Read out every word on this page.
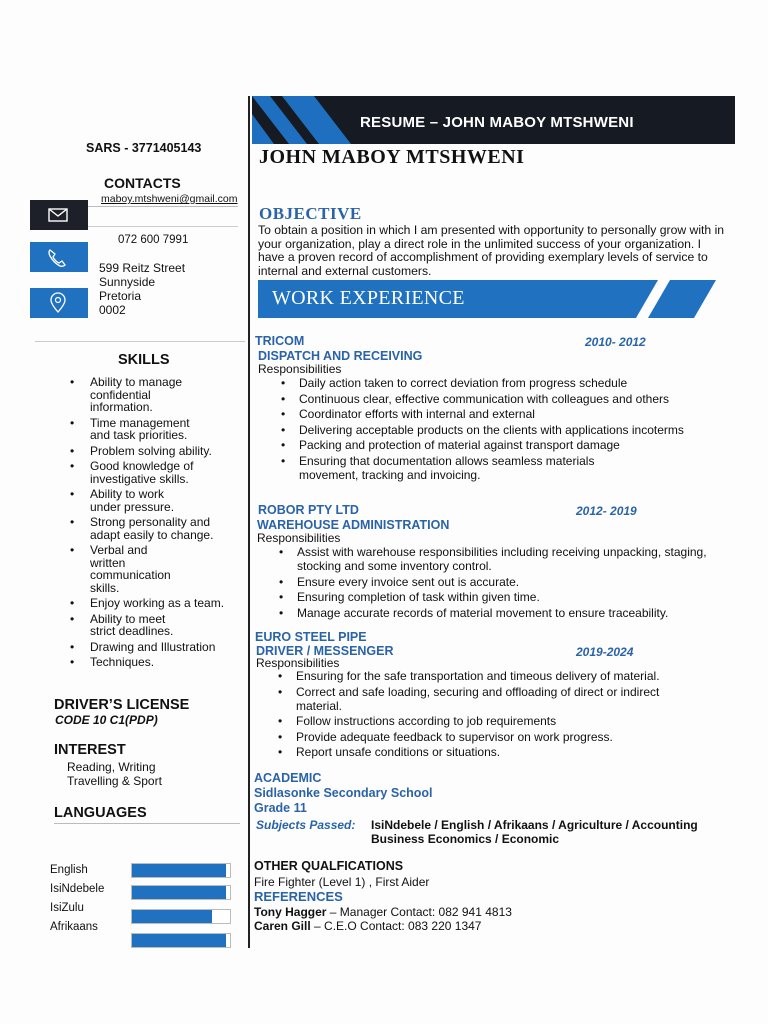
RESUME – JOHN MABOY MTSHWENI
JOHN MABOY MTSHWENI
OBJECTIVE
To obtain a position in which I am presented with opportunity to personally grow with in your organization, play a direct role in the unlimited success of your organization. I have a proven record of accomplishment of providing exemplary levels of service to internal and external customers.
WORK EXPERIENCE
TRICOM	2010- 2012
DISPATCH AND RECEIVING
Responsibilities
• Daily action taken to correct deviation from progress schedule
• Continuous clear, effective communication with colleagues and others
• Coordinator efforts with internal and external
• Delivering acceptable products on the clients with applications incoterms
• Packing and protection of material against transport damage
• Ensuring that documentation allows seamless materials movement, tracking and invoicing.
ROBOR PTY LTD	2012- 2019
WAREHOUSE ADMINISTRATION
Responsibilities
• Assist with warehouse responsibilities including receiving unpacking, staging, stocking and some inventory control.
• Ensure every invoice sent out is accurate.
• Ensuring completion of task within given time.
• Manage accurate records of material movement to ensure traceability.
EURO STEEL PIPE
DRIVER / MESSENGER	2019-2024
Responsibilities
• Ensuring for the safe transportation and timeous delivery of material.
• Correct and safe loading, securing and offloading of direct or indirect material.
• Follow instructions according to job requirements
• Provide adequate feedback to supervisor on work progress.
• Report unsafe conditions or situations.
ACADEMIC
Sidlasonke Secondary School
Grade 11
Subjects Passed: IsiNdebele / English / Afrikaans / Agriculture / Accounting Business Economics / Economic
OTHER QUALFICATIONS
Fire Fighter (Level 1) , First Aider
REFERENCES
Tony Hagger – Manager Contact: 082 941 4813
Caren Gill – C.E.O Contact: 083 220 1347
SARS - 3771405143
CONTACTS
maboy.mtshweni@gmail.com
072 600 7991
599 Reitz Street
Sunnyside
Pretoria
0002
SKILLS
• Ability to manage confidential information.
• Time management and task priorities.
• Problem solving ability.
• Good knowledge of investigative skills.
• Ability to work under pressure.
• Strong personality and adapt easily to change.
• Verbal and written communication skills.
• Enjoy working as a team.
• Ability to meet strict deadlines.
• Drawing and Illustration
• Techniques.
DRIVER’S LICENSE
CODE 10 C1(PDP)
INTEREST
Reading, Writing
Travelling & Sport
LANGUAGES
English
IsiNdebele
IsiZulu
Afrikaans
